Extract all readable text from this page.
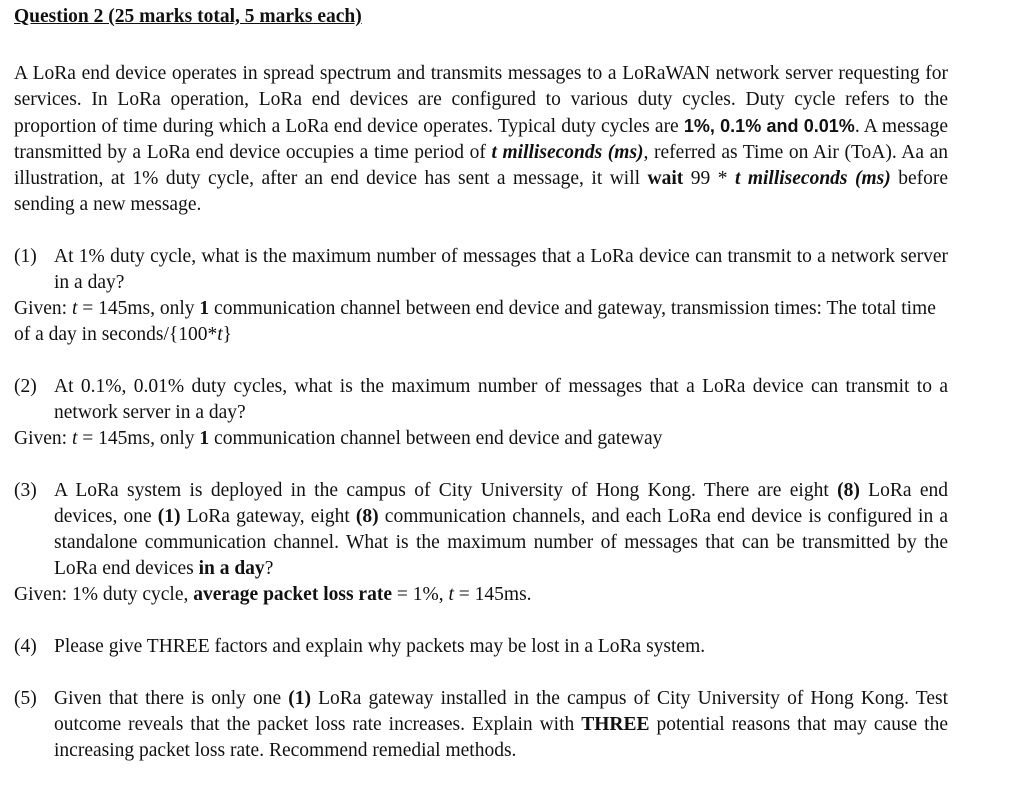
Question 2 (25 marks total, 5 marks each)

A LoRa end device operates in spread spectrum and transmits messages to a LoRaWAN network server requesting for services. In LoRa operation, LoRa end devices are configured to various duty cycles. Duty cycle refers to the proportion of time during which a LoRa end device operates. Typical duty cycles are 1%, 0.1% and 0.01%. A message transmitted by a LoRa end device occupies a time period of t milliseconds (ms), referred as Time on Air (ToA). Aa an illustration, at 1% duty cycle, after an end device has sent a message, it will wait 99 * t milliseconds (ms) before sending a new message.

(1) At 1% duty cycle, what is the maximum number of messages that a LoRa device can transmit to a network server in a day?

Given: t = 145ms, only 1 communication channel between end device and gateway, transmission times: The total time of a day in seconds/{100*t}

(2) At 0.1%, 0.01% duty cycles, what is the maximum number of messages that a LoRa device can transmit to a network server in a day?

Given: t = 145ms, only 1 communication channel between end device and gateway

(3) A LoRa system is deployed in the campus of City University of Hong Kong. There are eight (8) LoRa end devices, one (1) LoRa gateway, eight (8) communication channels, and each LoRa end device is configured in a standalone communication channel. What is the maximum number of messages that can be transmitted by the LoRa end devices in a day?

Given: 1% duty cycle, average packet loss rate = 1%, t = 145ms.

(4) Please give THREE factors and explain why packets may be lost in a LoRa system.

(5) Given that there is only one (1) LoRa gateway installed in the campus of City University of Hong Kong. Test outcome reveals that the packet loss rate increases. Explain with THREE potential reasons that may cause the increasing packet loss rate. Recommend remedial methods.
